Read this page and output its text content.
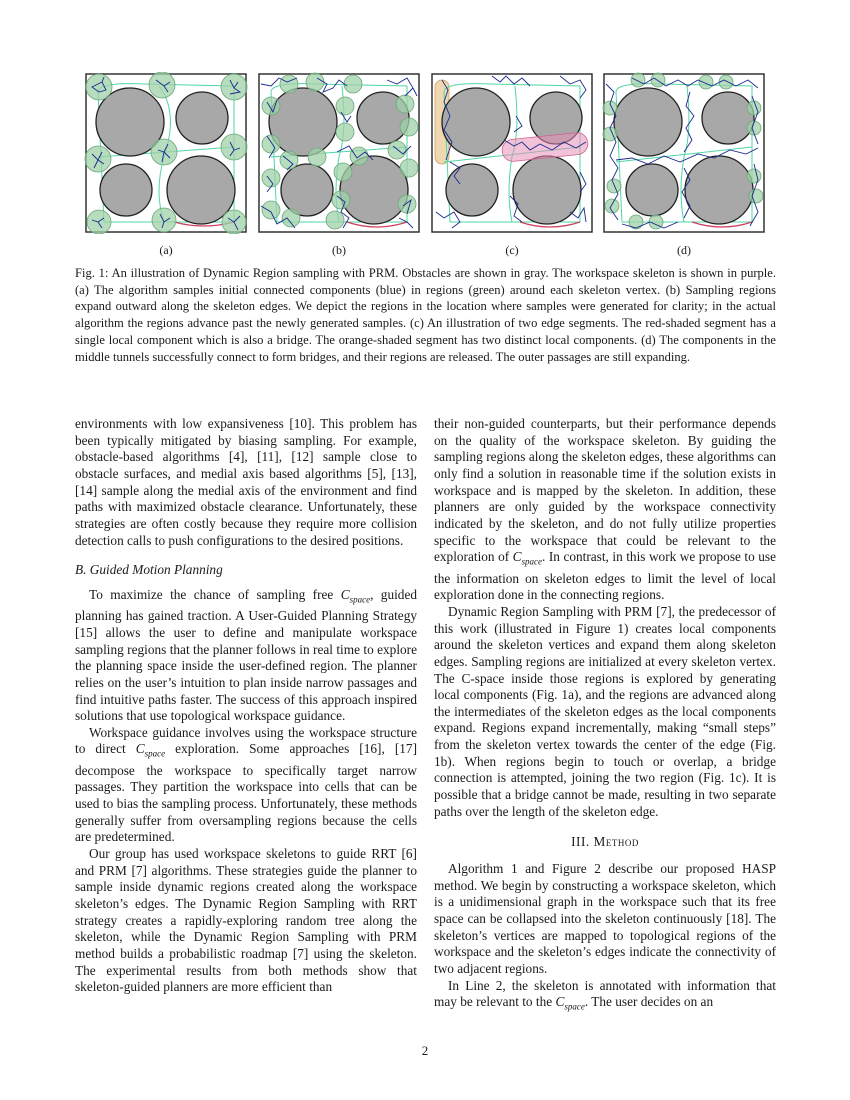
(a)	(b)	(c)	(d)
Fig. 1: An illustration of Dynamic Region sampling with PRM. Obstacles are shown in gray. The workspace skeleton is shown in purple. (a) The algorithm samples initial connected components (blue) in regions (green) around each skeleton vertex. (b) Sampling regions expand outward along the skeleton edges. We depict the regions in the location where samples were generated for clarity; in the actual algorithm the regions advance past the newly generated samples. (c) An illustration of two edge segments. The red-shaded segment has a single local component which is also a bridge. The orange-shaded segment has two distinct local components. (d) The components in the middle tunnels successfully connect to form bridges, and their regions are released. The outer passages are still expanding.

environments with low expansiveness [10]. This problem has been typically mitigated by biasing sampling. For example, obstacle-based algorithms [4], [11], [12] sample close to obstacle surfaces, and medial axis based algorithms [5], [13], [14] sample along the medial axis of the environment and find paths with maximized obstacle clearance. Unfortunately, these strategies are often costly because they require more collision detection calls to push configurations to the desired positions.

B. Guided Motion Planning

To maximize the chance of sampling free $C_{space}$, guided planning has gained traction. A User-Guided Planning Strategy [15] allows the user to define and manipulate workspace sampling regions that the planner follows in real time to explore the planning space inside the user-defined region. The planner relies on the user’s intuition to plan inside narrow passages and find intuitive paths faster. The success of this approach inspired solutions that use topological workspace guidance.

Workspace guidance involves using the workspace structure to direct $C_{space}$ exploration. Some approaches [16], [17] decompose the workspace to specifically target narrow passages. They partition the workspace into cells that can be used to bias the sampling process. Unfortunately, these methods generally suffer from oversampling regions because the cells are predetermined.

Our group has used workspace skeletons to guide RRT [6] and PRM [7] algorithms. These strategies guide the planner to sample inside dynamic regions created along the workspace skeleton’s edges. The Dynamic Region Sampling with RRT strategy creates a rapidly-exploring random tree along the skeleton, while the Dynamic Region Sampling with PRM method builds a probabilistic roadmap [7] using the skeleton. The experimental results from both methods show that skeleton-guided planners are more efficient than

their non-guided counterparts, but their performance depends on the quality of the workspace skeleton. By guiding the sampling regions along the skeleton edges, these algorithms can only find a solution in reasonable time if the solution exists in workspace and is mapped by the skeleton. In addition, these planners are only guided by the workspace connectivity indicated by the skeleton, and do not fully utilize properties specific to the workspace that could be relevant to the exploration of $C_{space}$. In contrast, in this work we propose to use the information on skeleton edges to limit the level of local exploration done in the connecting regions.

Dynamic Region Sampling with PRM [7], the predecessor of this work (illustrated in Figure 1) creates local components around the skeleton vertices and expand them along skeleton edges. Sampling regions are initialized at every skeleton vertex. The C-space inside those regions is explored by generating local components (Fig. 1a), and the regions are advanced along the intermediates of the skeleton edges as the local components expand. Regions expand incrementally, making “small steps” from the skeleton vertex towards the center of the edge (Fig. 1b). When regions begin to touch or overlap, a bridge connection is attempted, joining the two region (Fig. 1c). It is possible that a bridge cannot be made, resulting in two separate paths over the length of the skeleton edge.

III. Method

Algorithm 1 and Figure 2 describe our proposed HASP method. We begin by constructing a workspace skeleton, which is a unidimensional graph in the workspace such that its free space can be collapsed into the skeleton continuously [18]. The skeleton’s vertices are mapped to topological regions of the workspace and the skeleton’s edges indicate the connectivity of two adjacent regions.

In Line 2, the skeleton is annotated with information that may be relevant to the $C_{space}$. The user decides on an

2
